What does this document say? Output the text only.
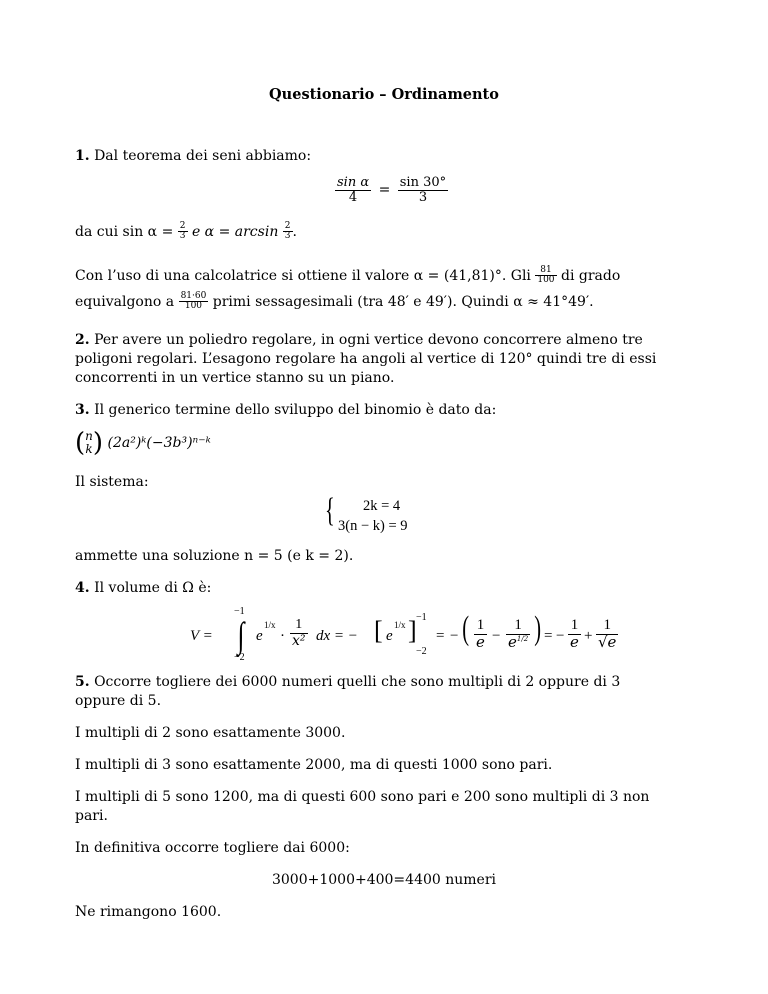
Questionario – Ordinamento
1. Dal teorema dei seni abbiamo:
$\frac{\text{sin α}}{4} = \frac{\sin 30^\circ}{3}$
da cui $\sin \alpha = \frac{2}{3}$ e $\alpha = \arcsin \frac{2}{3}$ .
Con l’uso di una calcolatrice si ottiene il valore α = (41,81)°. Gli $\frac{81}{100}$ di grado
equivalgono a $\frac{81\cdot 60}{100}$ primi sessagesimali (tra 48′ e 49′). Quindi α ≈ 41°49′.
2. Per avere un poliedro regolare, in ogni vertice devono concorrere almeno tre
poligoni regolari. L’esagono regolare ha angoli al vertice di 120° quindi tre di essi
concorrenti in un vertice stanno su un piano.
3. Il generico termine dello sviluppo del binomio è dato da:
( n
k ) (2a²)ᵏ(−3b³)ⁿ⁻ᵏ
Il sistema:
{ 2k = 4
3(n − k) = 9
ammette una soluzione n = 5 (e k = 2).
4. Il volume di Ω è:
V =
−1
∫
−2
e
1/x
· $\frac{1}{\text{x²}}$ dx = − [ e
1/x ] −1
−2
= − ( $\frac{1}{e} - \frac{1}{e^{1/2}}$ ) = − $\frac{1}{e} + \frac{1}{√e}$
5. Occorre togliere dei 6000 numeri quelli che sono multipli di 2 oppure di 3
oppure di 5.
I multipli di 2 sono esattamente 3000.
I multipli di 3 sono esattamente 2000, ma di questi 1000 sono pari.
I multipli di 5 sono 1200, ma di questi 600 sono pari e 200 sono multipli di 3 non
pari.
In definitiva occorre togliere dai 6000:
3000+1000+400=4400 numeri
Ne rimangono 1600.
